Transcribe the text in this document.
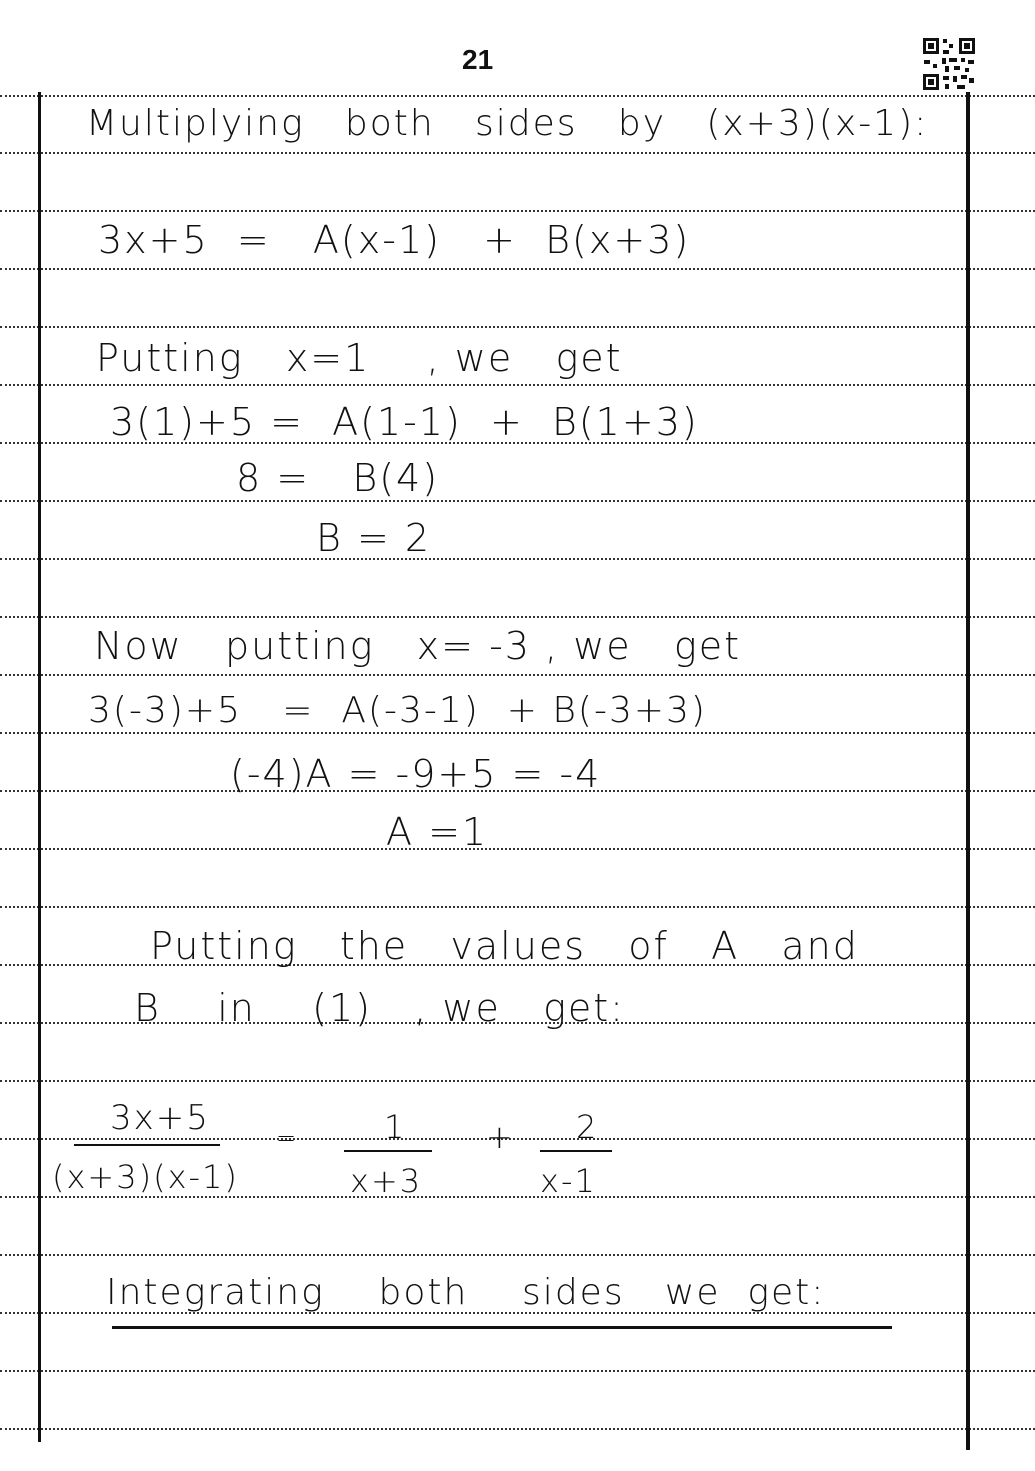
21
Multiplying   both   sides   by   (x+3)(x-1):
3x+5  =   A(x-1)   +  B(x+3)
Putting   x=1    , we   get
3(1)+5 =  A(1-1)  +  B(1+3)
8 =   B(4)
B = 2
Now   putting   x= -3 , we   get
3(-3)+5   =  A(-3-1)  + B(-3+3)
(-4)A = -9+5 = -4
A =1
Putting   the   values   of   A   and
B    in    (1)   , we   get:
3x+5
(x+3)(x-1)
=	1
x+3
+ 2
x-1
Integrating    both    sides   we  get:
